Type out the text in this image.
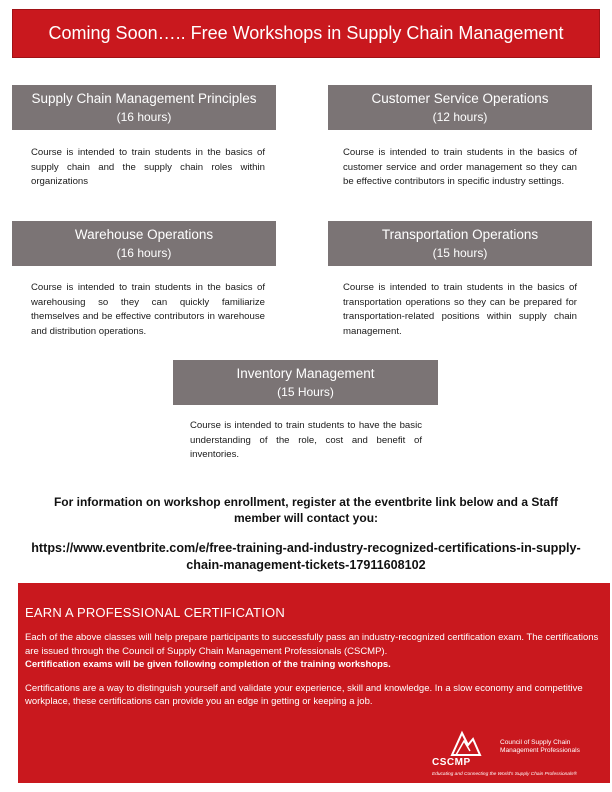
Coming Soon….. Free Workshops in Supply Chain Management
Supply Chain Management Principles
(16 hours)
Course is intended to train students in the basics of supply chain and the supply chain roles within organizations
Customer Service Operations
(12 hours)
Course is intended to train students in the basics of customer service and order management so they can be effective contributors in specific industry settings.
Warehouse Operations
(16 hours)
Course is intended to train students in the basics of warehousing so they can quickly familiarize themselves and be effective contributors in warehouse and distribution operations.
Transportation Operations
(15 hours)
Course is intended to train students in the basics of transportation operations so they can be prepared for transportation-related positions within supply chain management.
Inventory Management
(15 Hours)
Course is intended to train students to have the basic understanding of the role, cost and benefit of inventories.
For information on workshop enrollment, register at the eventbrite link below and a Staff member will contact you:
https://www.eventbrite.com/e/free-training-and-industry-recognized-certifications-in-supply-chain-management-tickets-17911608102
EARN A PROFESSIONAL CERTIFICATION

Each of the above classes will help prepare participants to successfully pass an industry-recognized certification exam. The certifications are issued through the Council of Supply Chain Management Professionals (CSCMP).

Certification exams will be given following completion of the training workshops.

Certifications are a way to distinguish yourself and validate your experience, skill and knowledge. In a slow economy and competitive workplace, these certifications can provide you an edge in getting or keeping a job.

CSCMP
Council of Supply Chain Management Professionals
Educating and Connecting the World's Supply Chain Professionals®
